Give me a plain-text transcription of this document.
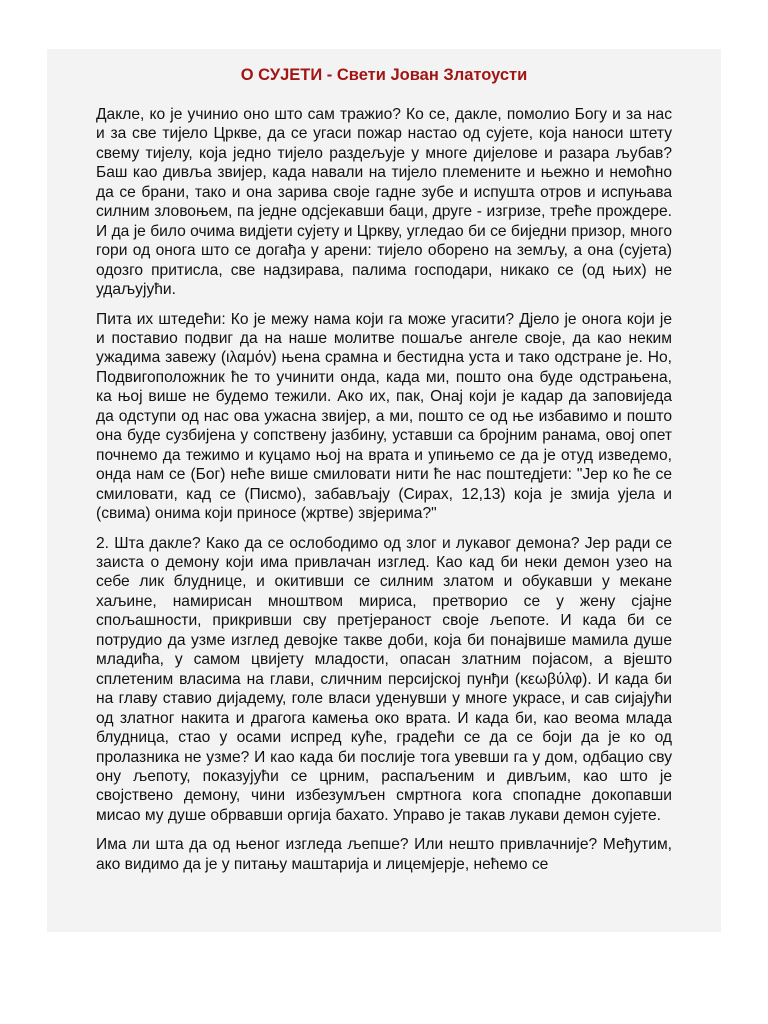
О СУЈЕТИ - Свети Јован Златоусти

Дакле, ко је учинио оно што сам тражио? Ко се, дакле, помолио Богу и за нас и за све тијело Цркве, да се угаси пожар настао од сујете, која наноси штету свему тијелу, која једно тијело раздељује у многе дијелове и разара љубав? Баш као дивља звијер, када навали на тијело племените и њежно и немоћно да се брани, тако и она зарива своје гадне зубе и испушта отров и испуњава силним зловоњем, па једне одсјекавши баци, друге - изгризе, треће прождере. И да је било очима видјети сујету и Цркву, угледао би се биједни призор, много гори од онога што се догађа у арени: тијело оборено на земљу, а она (сујета) одозго притисла, све надзирава, палима господари, никако се (од њих) не удаљујући.

Пита их штедећи: Ко је межу нама који га може угасити? Дјело је онога који је и поставио подвиг да на наше молитве пошаље ангеле своје, да као неким ужадима завежу (ιλαμόν) њена срамна и бестидна уста и тако одстране је. Но, Подвигоположник ће то учинити онда, када ми, пошто она буде одстрањена, ка њој више не будемо тежили. Ако их, пак, Онај који је кадар да заповиједа да одступи од нас ова ужасна звијер, а ми, пошто се од ње избавимо и пошто она буде сузбијена у сопствену јазбину, уставши са бројним ранама, овој опет почнемо да тежимо и куцамо њој на врата и упињемо се да је отуд изведемо, онда нам се (Бог) неће више смиловати нити ће нас поштедјети: "Јер ко ће се смиловати, кад се (Писмо), забављају (Сирах, 12,13) која је змија ујела и (свима) онима који приносе (жртве) звјерима?"

2. Шта дакле? Како да се ослободимо од злог и лукавог демона? Јер ради се заиста о демону који има привлачан изглед. Као кад би неки демон узео на себе лик блуднице, и окитивши се силним златом и обукавши у мекане хаљине, намирисан мноштвом мириса, претворио се у жену сјајне спољашности, прикривши сву претјераност своје љепоте. И када би се потрудио да узме изглед девојке такве доби, која би понајвише мамила душе младића, у самом цвијету младости, опасан златним појасом, а вјешто сплетеним власима на глави, сличним персијској пунђи (κεωβύλφ). И када би на главу ставио дијадему, голе власи уденувши у многе украсе, и сав сијајући од златног накита и драгога камења око врата. И када би, као веома млада блудница, стао у осами испред куће, градећи се да се боји да је ко од пролазника не узме? И као када би послије тога увевши га у дом, одбацио сву ону љепоту, показујући се црним, распаљеним и дивљим, као што је својствено демону, чини избезумљен смртнога кога споп​адне докопавши мисао му душе обрвавши оргија бахато. Управо је такав лукави демон сујете.

Има ли шта да од њеног изгледа љепше? Или нешто привлачније? Међутим, ако видимо да је у питању маштарија и лицемјерје, нећемо се
